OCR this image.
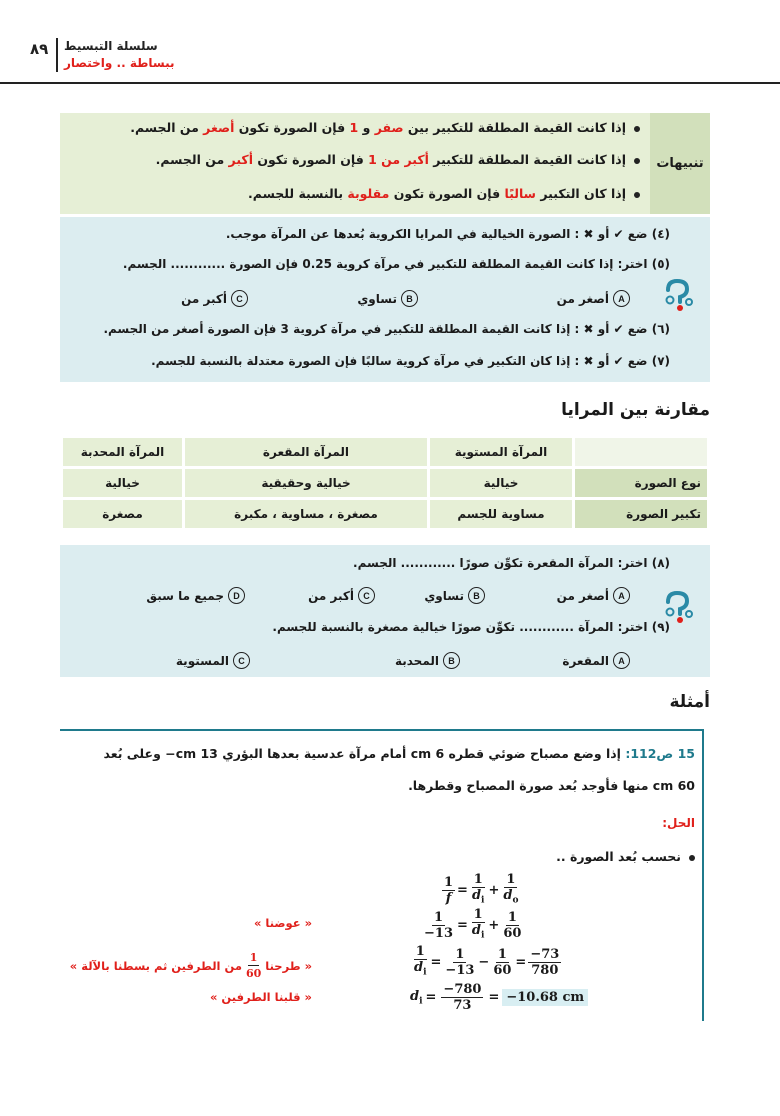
٨٩ سلسلة التبسيط
ببساطة .. واختصار
تنبيهات
إذا كانت القيمة المطلقة للتكبير بين صفر و 1 فإن الصورة تكون أصغر من الجسم.
إذا كانت القيمة المطلقة للتكبير أكبر من 1 فإن الصورة تكون أكبر من الجسم.
إذا كان التكبير سالبًا فإن الصورة تكون مقلوبة بالنسبة للجسم.
(٤) ضع ✔ أو ✖ : الصورة الخيالية في المرايا الكروية بُعدها عن المرآة موجب.
(٥) اختر: إذا كانت القيمة المطلقة للتكبير في مرآة كروية 0.25 فإن الصورة ............ الجسم.
A
أصغر من
B
تساوي
C
أكبر من
(٦) ضع ✔ أو ✖ : إذا كانت القيمة المطلقة للتكبير في مرآة كروية 3 فإن الصورة أصغر من الجسم.
(٧) ضع ✔ أو ✖ : إذا كان التكبير في مرآة كروية سالبًا فإن الصورة معتدلة بالنسبة للجسم.
مقارنة بين المرايا
	المرآة المستوية	المرآة المقعرة	المرآة المحدبة
نوع الصورة	خيالية	خيالية وحقيقية	خيالية
تكبير الصورة	مساوية للجسم	مصغرة ، مساوية ، مكبرة	مصغرة
(٨) اختر: المرآة المقعرة تكوِّن صورًا ............ الجسم.
A
أصغر من
B
تساوي
C
أكبر من
D
جميع ما سبق
(٩) اختر: المرآة ............ تكوِّن صورًا خيالية مصغرة بالنسبة للجسم.
A
المقعرة
B
المحدبة
C
المستوية
أمثلة
15 ص112: إذا وضع مصباح ضوئي قطره 6 cm أمام مرآة عدسية بعدها البؤري 13 cm− وعلى بُعد
60 cm منها فأوجد بُعد صورة المصباح وقطرها.
الحل:
نحسب بُعد الصورة ..
$\frac{1}{f} = \frac{1}{d_i} + \frac{1}{d_o}$
$\frac{1}{-13} = \frac{1}{d_i} + \frac{1}{60}$
$\frac{1}{d_i} = \frac{1}{-13} - \frac{1}{60} = \frac{-73}{780}$
$d_i = \frac{-780}{73} = -10.68$ cm
« عوضنا »
« طرحنا
$\frac{1}{60}$
من الطرفين ثم بسطنا بالآلة »
« قلبنا الطرفين »
